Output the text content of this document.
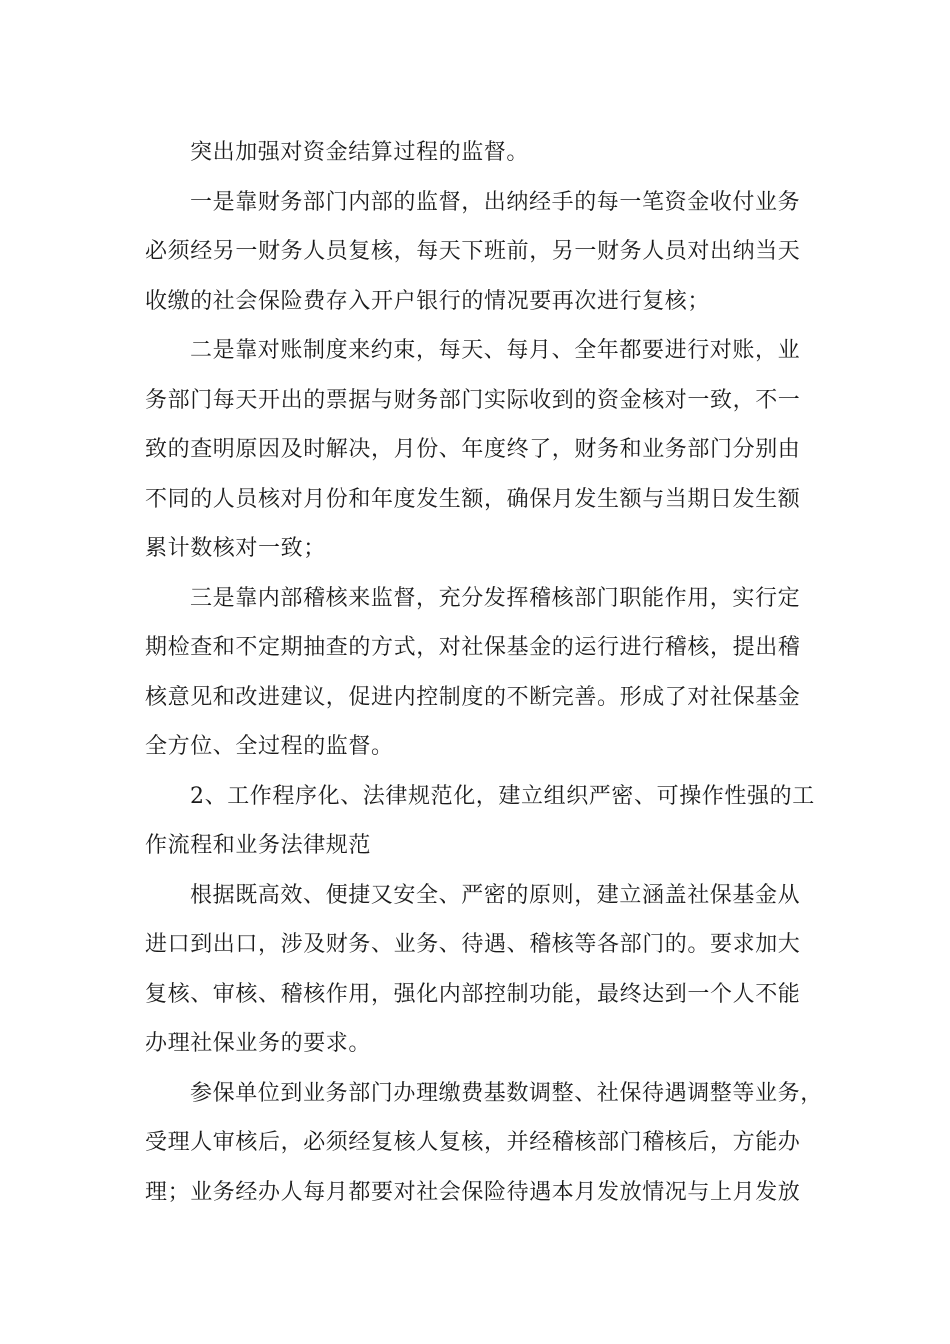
突出加强对资金结算过程的监督。
一是靠财务部门内部的监督，出纳经手的每一笔资金收付业务
必须经另一财务人员复核，每天下班前，另一财务人员对出纳当天
收缴的社会保险费存入开户银行的情况要再次进行复核；
二是靠对账制度来约束，每天、每月、全年都要进行对账，业
务部门每天开出的票据与财务部门实际收到的资金核对一致，不一
致的查明原因及时解决，月份、年度终了，财务和业务部门分别由
不同的人员核对月份和年度发生额，确保月发生额与当期日发生额
累计数核对一致；
三是靠内部稽核来监督，充分发挥稽核部门职能作用，实行定
期检查和不定期抽查的方式，对社保基金的运行进行稽核，提出稽
核意见和改进建议，促进内控制度的不断完善。形成了对社保基金
全方位、全过程的监督。
2、工作程序化、法律规范化，建立组织严密、可操作性强的工
作流程和业务法律规范
根据既高效、便捷又安全、严密的原则，建立涵盖社保基金从
进口到出口，涉及财务、业务、待遇、稽核等各部门的。要求加大
复核、审核、稽核作用，强化内部控制功能，最终达到一个人不能
办理社保业务的要求。
参保单位到业务部门办理缴费基数调整、社保待遇调整等业务，
受理人审核后，必须经复核人复核，并经稽核部门稽核后，方能办
理；业务经办人每月都要对社会保险待遇本月发放情况与上月发放
